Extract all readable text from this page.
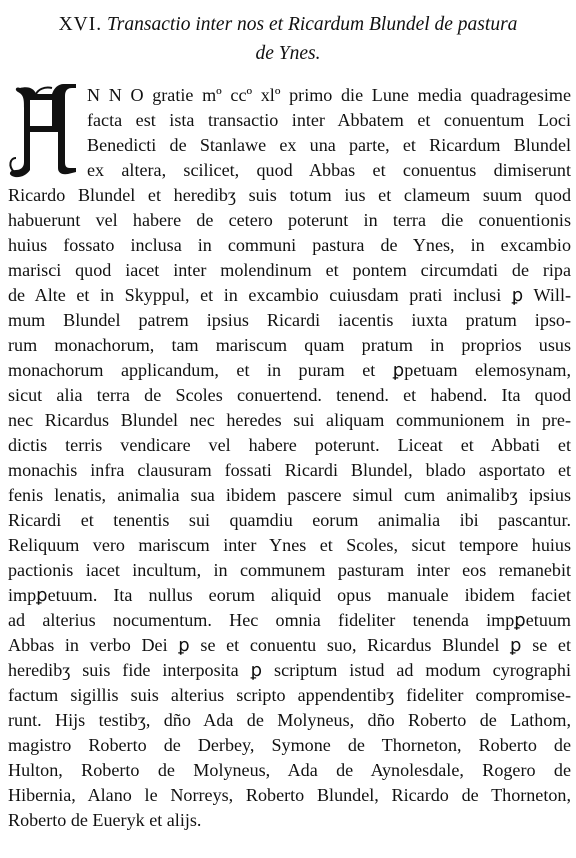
XVI. Transactio inter nos et Ricardum Blundel de pastura
de Ynes.
N N O gratie mº ccº xlº primo die Lune media quadragesime
facta est ista transactio inter Abbatem et conuentum Loci
Benedicti de Stanlawe ex una parte, et Ricardum Blundel
ex altera, scilicet, quod Abbas et conuentus dimiserunt
Ricardo Blundel et heredibʒ suis totum ius et clameum suum quod
habuerunt vel habere de cetero poterunt in terra die conuentionis
huius fossato inclusa in communi pastura de Ynes, in excambio
marisci quod iacet inter molendinum et pontem circumdati de ripa
de Alte et in Skyppul, et in excambio cuiusdam prati inclusi ꝑ Will-
mum Blundel patrem ipsius Ricardi iacentis iuxta pratum ipso-
rum monachorum, tam mariscum quam pratum in proprios usus
monachorum applicandum, et in puram et ꝑpetuam elemosynam,
sicut alia terra de Scoles conuertend. tenend. et habend. Ita quod
nec Ricardus Blundel nec heredes sui aliquam communionem in pre-
dictis terris vendicare vel habere poterunt. Liceat et Abbati et
monachis infra clausuram fossati Ricardi Blundel, blado asportato et
fenis lenatis, animalia sua ibidem pascere simul cum animalibʒ ipsius
Ricardi et tenentis sui quamdiu eorum animalia ibi pascantur.
Reliquum vero mariscum inter Ynes et Scoles, sicut tempore huius
pactionis iacet incultum, in communem pasturam inter eos remanebit
impꝑetuum. Ita nullus eorum aliquid opus manuale ibidem faciet
ad alterius nocumentum. Hec omnia fideliter tenenda impꝑetuum
Abbas in verbo Dei ꝑ se et conuentu suo, Ricardus Blundel ꝑ se et
heredibʒ suis fide interposita ꝑ scriptum istud ad modum cyrographi
factum sigillis suis alterius scripto appendentibʒ fideliter compromise-
runt. Hijs testibʒ, dño Ada de Molyneus, dño Roberto de Lathom,
magistro Roberto de Derbey, Symone de Thorneton, Roberto de
Hulton, Roberto de Molyneus, Ada de Aynolesdale, Rogero de
Hibernia, Alano le Norreys, Roberto Blundel, Ricardo de Thorneton,
Roberto de Eueryk et alijs.
